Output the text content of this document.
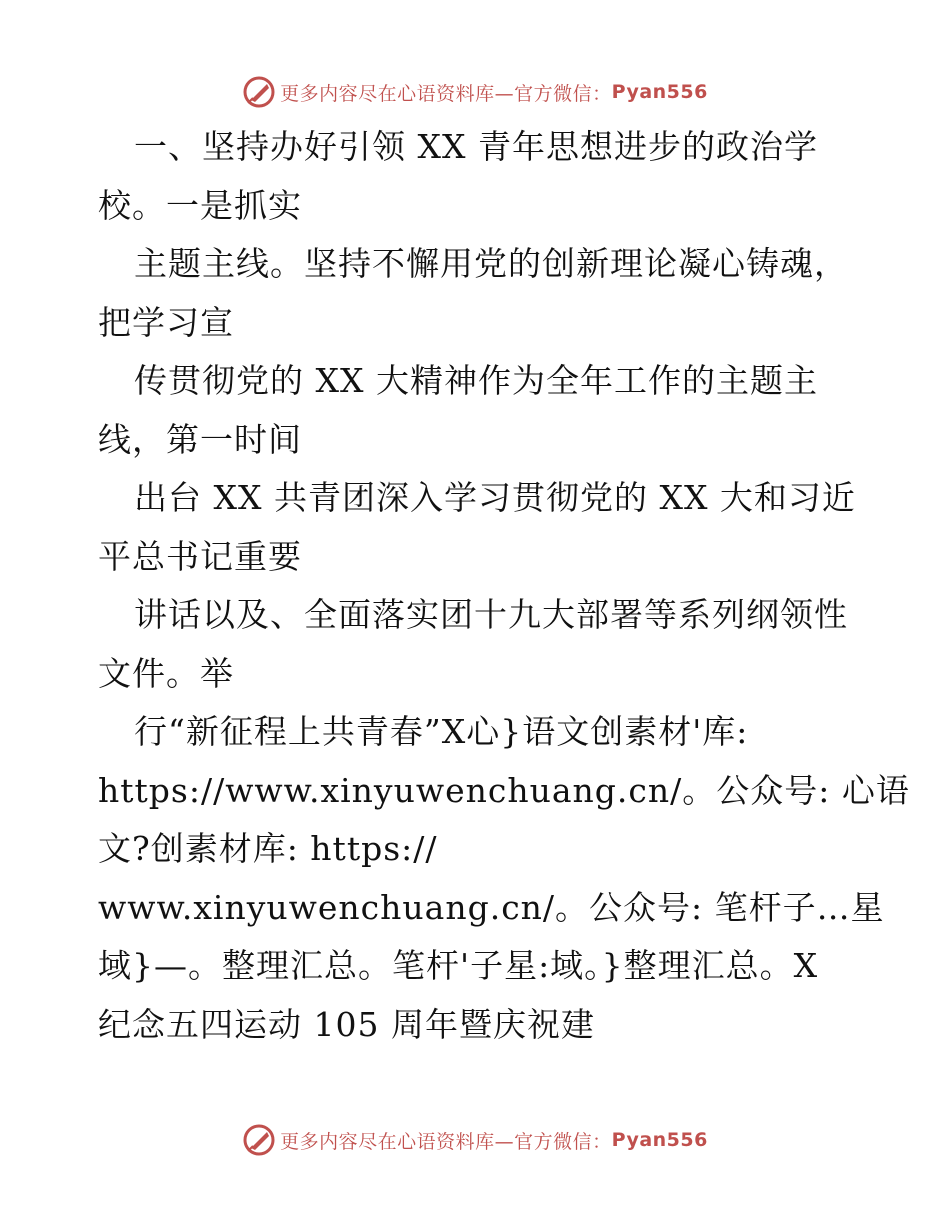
更多内容尽在心语资料库—官方微信： Pyan556
一、坚持办好引领 XX 青年思想进步的政治学
校。一是抓实
主题主线。坚持不懈用党的创新理论凝心铸魂，
把学习宣
传贯彻党的 XX 大精神作为全年工作的主题主
线，第一时间
出台 XX 共青团深入学习贯彻党的 XX 大和习近
平总书记重要
讲话以及、全面落实团十九大部署等系列纲领性
文件。举
行“新征程上共青春”X心}语文创素材'库:
https://www.xinyuwenchuang.cn/。公众号: 心语
文?创素材库: https://
www.xinyuwenchuang.cn/。公众号: 笔杆子…星
域}—。整理汇总。笔杆'子星:域。}整理汇总。X
纪念五四运动 105 周年暨庆祝建
更多内容尽在心语资料库—官方微信： Pyan556
